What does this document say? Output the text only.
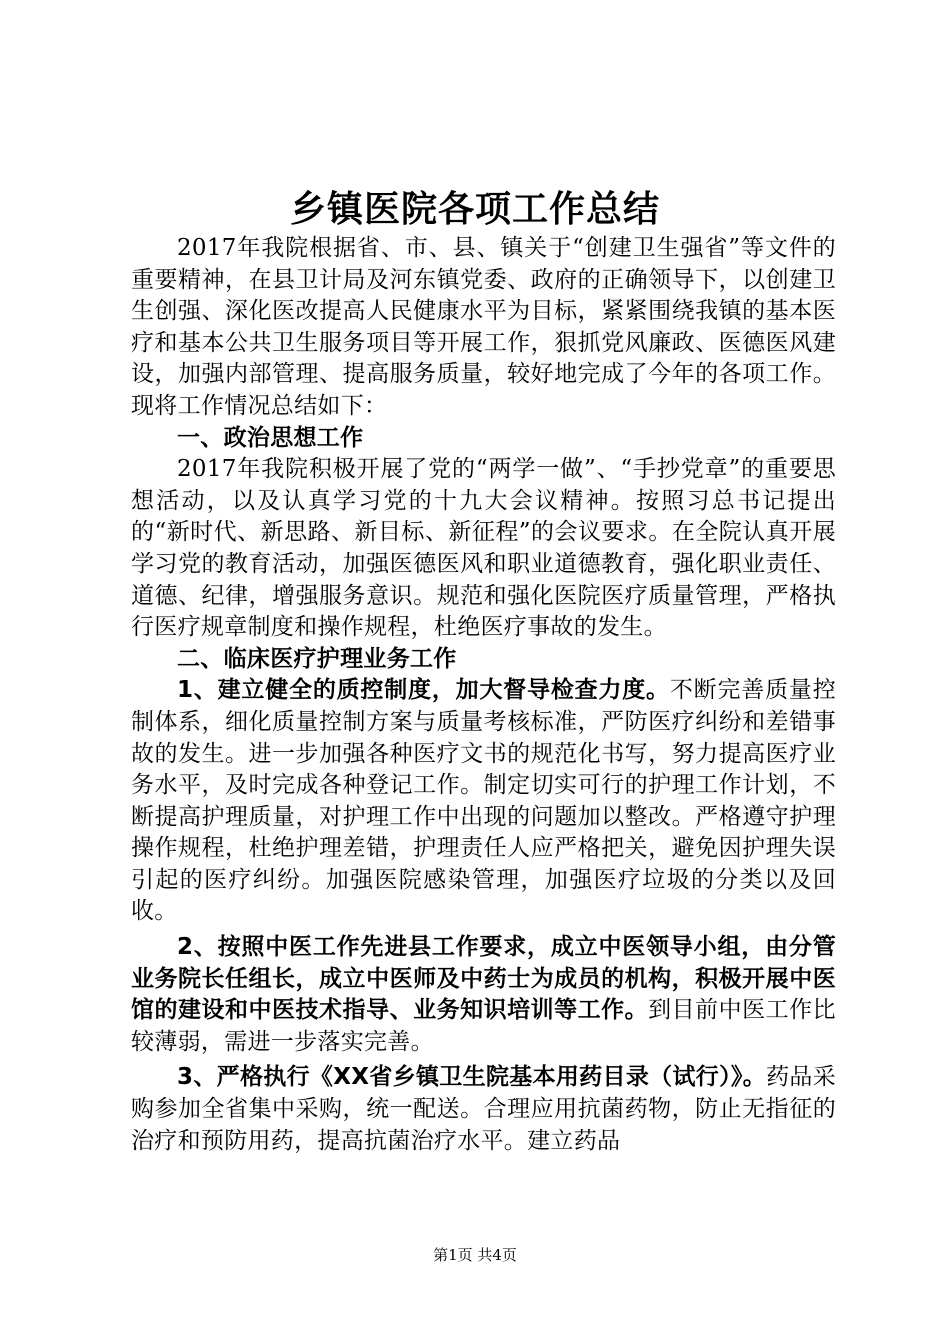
乡镇医院各项工作总结

2017年我院根据省、市、县、镇关于“创建卫生强省”等文件的重要精神，在县卫计局及河东镇党委、政府的正确领导下，以创建卫生创强、深化医改提高人民健康水平为目标，紧紧围绕我镇的基本医疗和基本公共卫生服务项目等开展工作，狠抓党风廉政、医德医风建设，加强内部管理、提高服务质量，较好地完成了今年的各项工作。现将工作情况总结如下：

一、政治思想工作

2017年我院积极开展了党的“两学一做”、“手抄党章”的重要思想活动，以及认真学习党的十九大会议精神。按照习总书记提出的“新时代、新思路、新目标、新征程”的会议要求。在全院认真开展学习党的教育活动，加强医德医风和职业道德教育，强化职业责任、道德、纪律，增强服务意识。规范和强化医院医疗质量管理，严格执行医疗规章制度和操作规程，杜绝医疗事故的发生。

二、临床医疗护理业务工作

1、建立健全的质控制度，加大督导检查力度。不断完善质量控制体系，细化质量控制方案与质量考核标准，严防医疗纠纷和差错事故的发生。进一步加强各种医疗文书的规范化书写，努力提高医疗业务水平，及时完成各种登记工作。制定切实可行的护理工作计划，不断提高护理质量，对护理工作中出现的问题加以整改。严格遵守护理操作规程，杜绝护理差错，护理责任人应严格把关，避免因护理失误引起的医疗纠纷。加强医院感染管理，加强医疗垃圾的分类以及回收。

2、按照中医工作先进县工作要求，成立中医领导小组，由分管业务院长任组长，成立中医师及中药士为成员的机构，积极开展中医馆的建设和中医技术指导、业务知识培训等工作。到目前中医工作比较薄弱，需进一步落实完善。

3、严格执行《XX省乡镇卫生院基本用药目录（试行）》。药品采购参加全省集中采购，统一配送。合理应用抗菌药物，防止无指征的治疗和预防用药，提高抗菌治疗水平。建立药品

第1页 共4页
